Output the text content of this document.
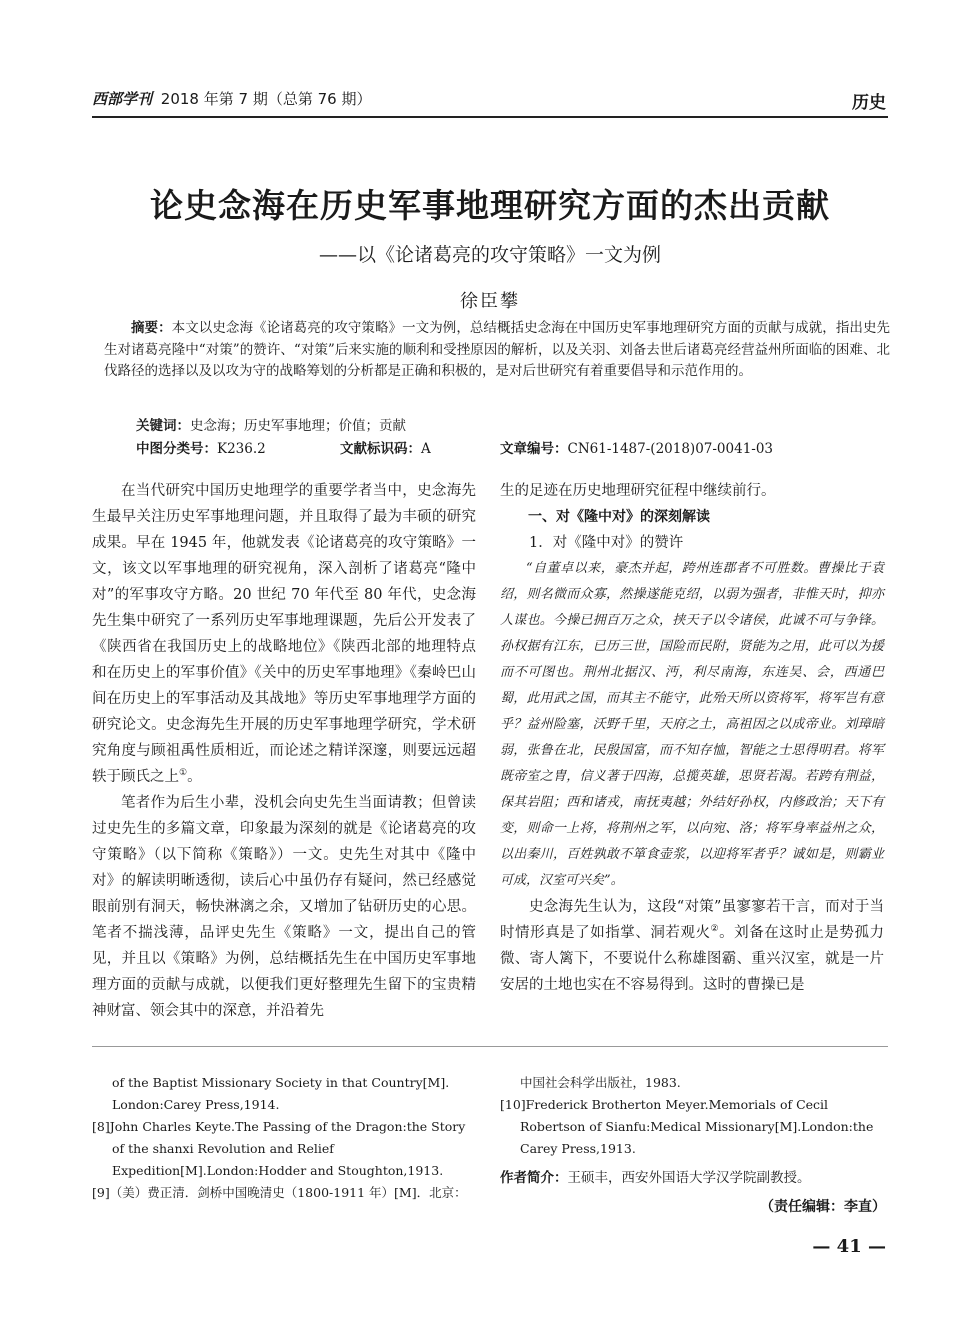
西部学刊 2018 年第 7 期（总第 76 期）	历史
论史念海在历史军事地理研究方面的杰出贡献
——以《论诸葛亮的攻守策略》一文为例
徐臣攀
摘要：本文以史念海《论诸葛亮的攻守策略》一文为例，总结概括史念海在中国历史军事地理研究方面的贡献与成就，指出史先生对诸葛亮隆中“对策”的赞许、“对策”后来实施的顺利和受挫原因的解析，以及关羽、刘备去世后诸葛亮经营益州所面临的困难、北伐路径的选择以及以攻为守的战略筹划的分析都是正确和积极的，是对后世研究有着重要倡导和示范作用的。
关键词：史念海；历史军事地理；价值；贡献
中图分类号：K236.2	文献标识码：A	文章编号：CN61-1487-(2018)07-0041-03

在当代研究中国历史地理学的重要学者当中，史念海先生最早关注历史军事地理问题，并且取得了最为丰硕的研究成果。早在 1945 年，他就发表《论诸葛亮的攻守策略》一文，该文以军事地理的研究视角，深入剖析了诸葛亮“隆中对”的军事攻守方略。20 世纪 70 年代至 80 年代，史念海先生集中研究了一系列历史军事地理课题，先后公开发表了《陕西省在我国历史上的战略地位》《陕西北部的地理特点和在历史上的军事价值》《关中的历史军事地理》《秦岭巴山间在历史上的军事活动及其战地》等历史军事地理学方面的研究论文。史念海先生开展的历史军事地理学研究，学术研究角度与顾祖禹性质相近，而论述之精详深邃，则要远远超轶于顾氏之上①。

笔者作为后生小辈，没机会向史先生当面请教；但曾读过史先生的多篇文章，印象最为深刻的就是《论诸葛亮的攻守策略》（以下简称《策略》）一文。史先生对其中《隆中对》的解读明晰透彻，读后心中虽仍存有疑问，然已经感觉眼前别有洞天，畅快淋漓之余，又增加了钻研历史的心思。笔者不揣浅薄，品评史先生《策略》一文，提出自己的管见，并且以《策略》为例，总结概括先生在中国历史军事地理方面的贡献与成就，以便我们更好整理先生留下的宝贵精神财富、领会其中的深意，并沿着先

生的足迹在历史地理研究征程中继续前行。

一、对《隆中对》的深刻解读

1．对《隆中对》的赞许

“自董卓以来，豪杰并起，跨州连郡者不可胜数。曹操比于袁绍，则名微而众寡，然操遂能克绍，以弱为强者，非惟天时，抑亦人谋也。今操已拥百万之众，挟天子以令诸侯，此诚不可与争锋。孙权据有江东，已历三世，国险而民附，贤能为之用，此可以为援而不可图也。荆州北据汉、沔，利尽南海，东连吴、会，西通巴蜀，此用武之国，而其主不能守，此殆天所以资将军，将军岂有意乎？益州险塞，沃野千里，天府之土，高祖因之以成帝业。刘璋暗弱，张鲁在北，民殷国富，而不知存恤，智能之士思得明君。将军既帝室之胄，信义著于四海，总揽英雄，思贤若渴。若跨有荆益，保其岩阻；西和诸戎，南抚夷越；外结好孙权，内修政治；天下有变，则命一上将，将荆州之军，以向宛、洛；将军身率益州之众，以出秦川，百姓孰敢不箪食壶浆，以迎将军者乎？诚如是，则霸业可成，汉室可兴矣”。

史念海先生认为，这段“对策”虽寥寥若干言，而对于当时情形真是了如指掌、洞若观火②。刘备在这时止是势孤力微、寄人篱下，不要说什么称雄图霸、重兴汉室，就是一片安居的土地也实在不容易得到。这时的曹操已是

of the Baptist Missionary Society in that Country[M].
London:Carey Press,1914.
[8]John Charles Keyte.The Passing of the Dragon:the Story of the shanxi Revolution and Relief Expedition[M].London:Hodder and Stoughton,1913.
[9]（美）费正清．剑桥中国晚清史（1800-1911 年）[M]．北京：
中国社会科学出版社，1983.
[10]Frederick Brotherton Meyer.Memorials of Cecil Robertson of Sianfu:Medical Missionary[M].London:the Carey Press,1913.
作者简介：王硕丰，西安外国语大学汉学院副教授。
（责任编辑：李直）
— 41 —
